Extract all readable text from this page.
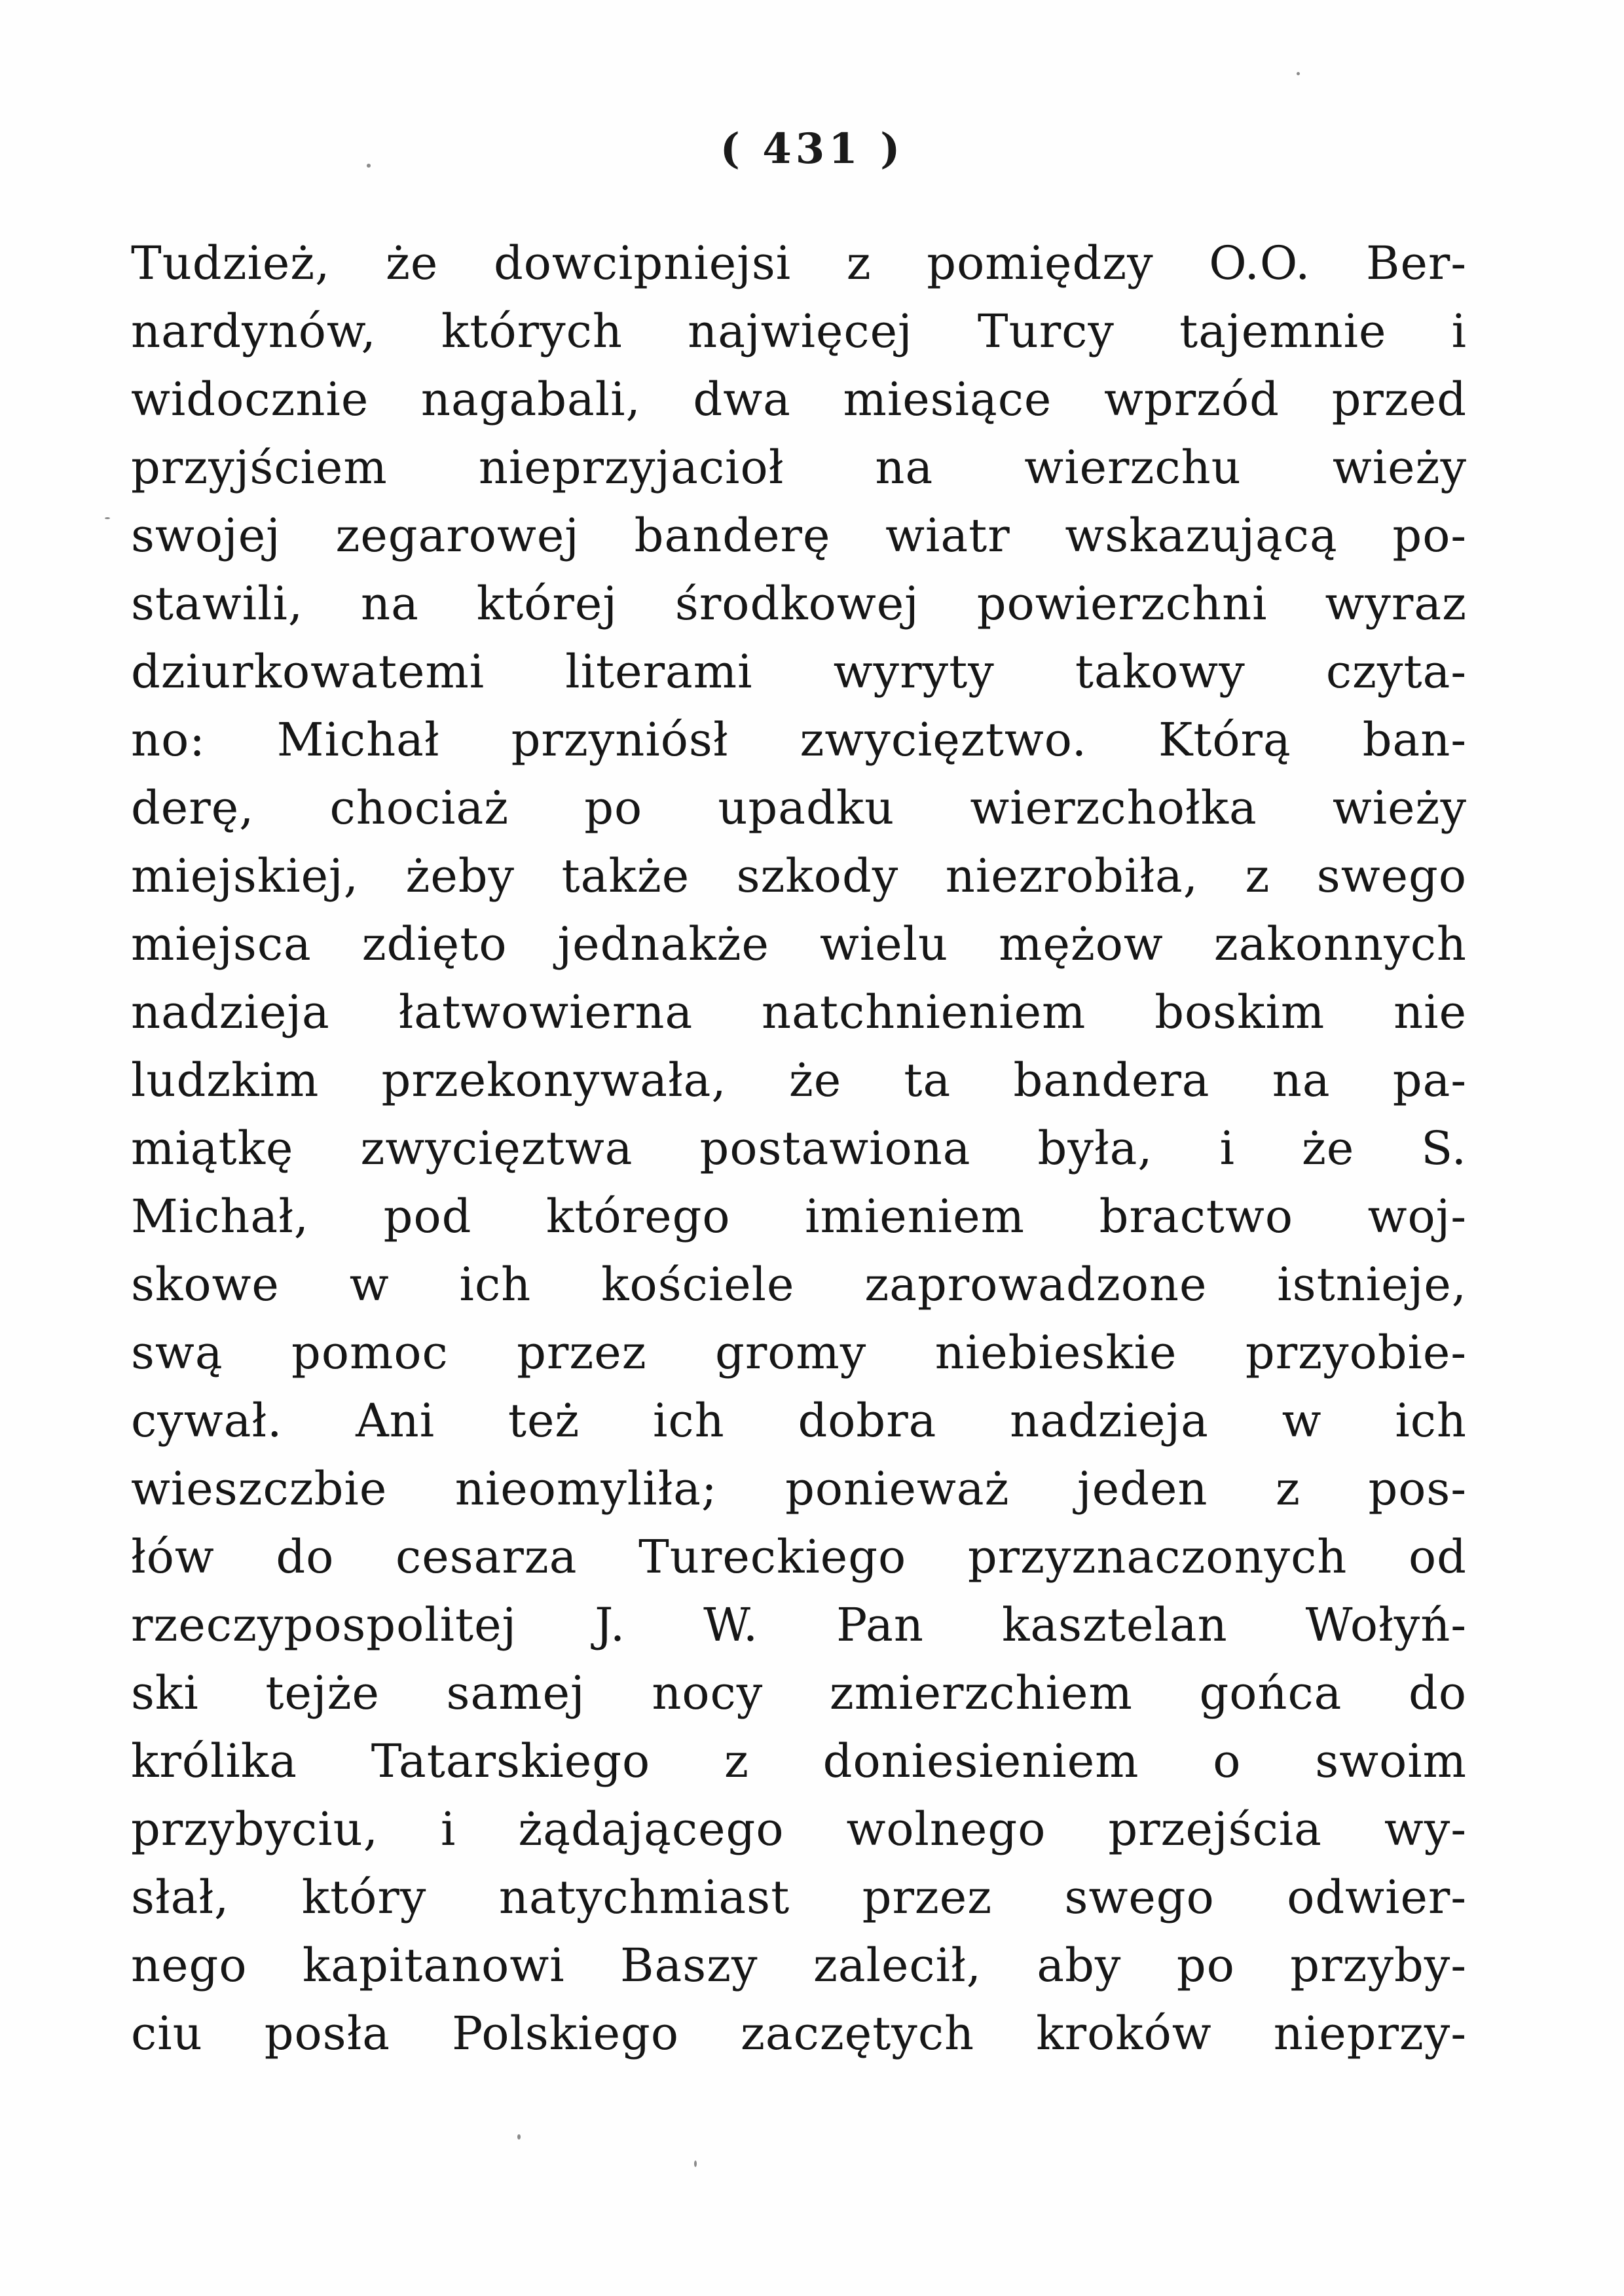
( 431 )
Tudzież, że dowcipniejsi z pomiędzy O.O. Ber-
nardynów, których najwięcej Turcy tajemnie i
widocznie nagabali, dwa miesiące wprzód przed
przyjściem nieprzyjacioł na wierzchu wieży
swojej zegarowej banderę wiatr wskazującą po-
stawili, na której środkowej powierzchni wyraz
dziurkowatemi literami wyryty takowy czyta-
no: Michał przyniósł zwycięztwo. Którą ban-
derę, chociaż po upadku wierzchołka wieży
miejskiej, żeby także szkody niezrobiła, z swego
miejsca zdięto jednakże wielu mężow zakonnych
nadzieja łatwowierna natchnieniem boskim nie
ludzkim przekonywała, że ta bandera na pa-
miątkę zwycięztwa postawiona była, i że S.
Michał, pod którego imieniem bractwo woj-
skowe w ich kościele zaprowadzone istnieje,
swą pomoc przez gromy niebieskie przyobie-
cywał. Ani też ich dobra nadzieja w ich
wieszczbie nieomyliła; ponieważ jeden z pos-
łów do cesarza Tureckiego przyznaczonych od
rzeczypospolitej J. W. Pan kasztelan Wołyń-
ski tejże samej nocy zmierzchiem gońca do
królika Tatarskiego z doniesieniem o swoim
przybyciu, i żądającego wolnego przejścia wy-
słał, który natychmiast przez swego odwier-
nego kapitanowi Baszy zalecił, aby po przyby-
ciu posła Polskiego zaczętych kroków nieprzy-
